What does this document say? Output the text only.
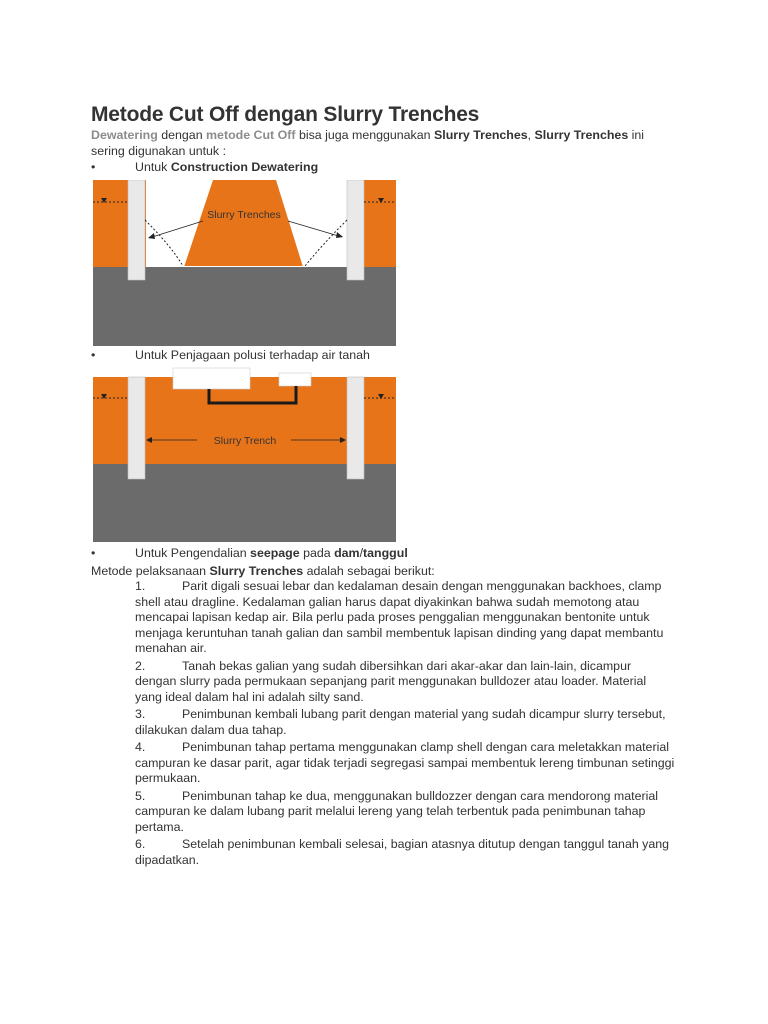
Metode Cut Off dengan Slurry Trenches

Dewatering dengan metode Cut Off bisa juga menggunakan Slurry Trenches, Slurry Trenches ini sering digunakan untuk :

•	Untuk Construction Dewatering
Slurry Trenches
•	Untuk Penjagaan polusi terhadap air tanah
Slurry Trench
•	Untuk Pengendalian seepage pada dam/tanggul

Metode pelaksanaan Slurry Trenches adalah sebagai berikut:

1.	Parit digali sesuai lebar dan kedalaman desain dengan menggunakan backhoes, clamp shell atau dragline. Kedalaman galian harus dapat diyakinkan bahwa sudah memotong atau mencapai lapisan kedap air. Bila perlu pada proses penggalian menggunakan bentonite untuk menjaga keruntuhan tanah galian dan sambil membentuk lapisan dinding yang dapat membantu menahan air.

2.	Tanah bekas galian yang sudah dibersihkan dari akar-akar dan lain-lain, dicampur dengan slurry pada permukaan sepanjang parit menggunakan bulldozer atau loader. Material yang ideal dalam hal ini adalah silty sand.

3.	Penimbunan kembali lubang parit dengan material yang sudah dicampur slurry tersebut, dilakukan dalam dua tahap.

4.	Penimbunan tahap pertama menggunakan clamp shell dengan cara meletakkan material campuran ke dasar parit, agar tidak terjadi segregasi sampai membentuk lereng timbunan setinggi permukaan.

5.	Penimbunan tahap ke dua, menggunakan bulldozzer dengan cara mendorong material campuran ke dalam lubang parit melalui lereng yang telah terbentuk pada penimbunan tahap pertama.

6.	Setelah penimbunan kembali selesai, bagian atasnya ditutup dengan tanggul tanah yang dipadatkan.
